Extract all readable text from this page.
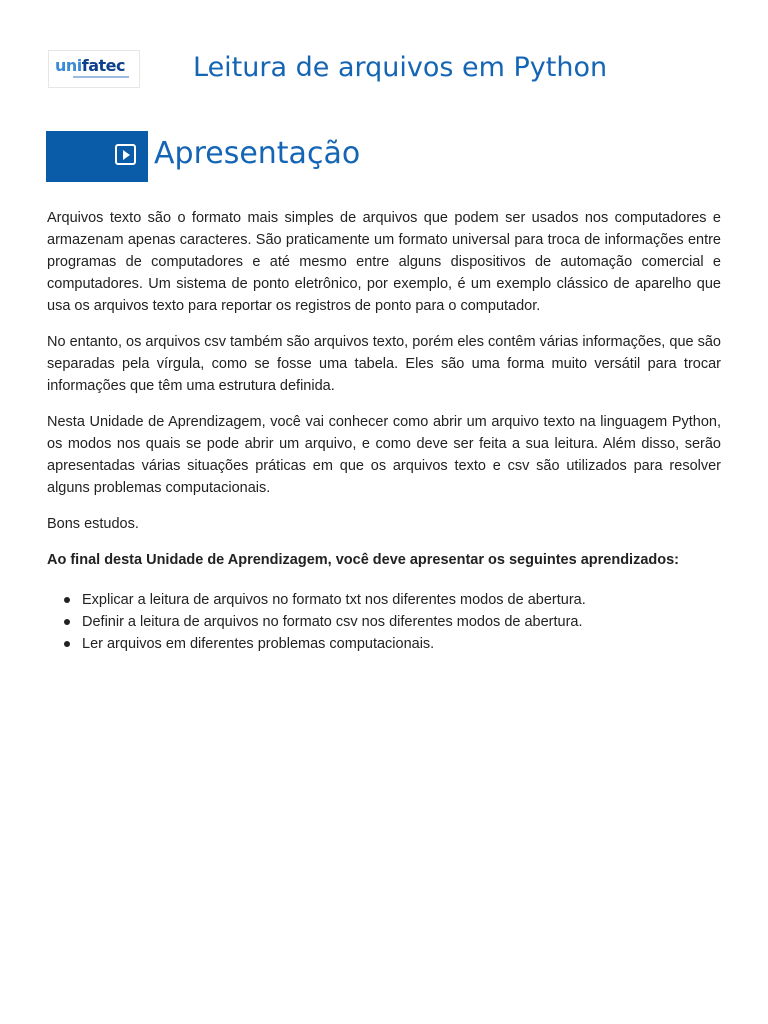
unifatec	Leitura de arquivos em Python
Apresentação

Arquivos texto são o formato mais simples de arquivos que podem ser usados nos computadores e armazenam apenas caracteres. São praticamente um formato universal para troca de informações entre programas de computadores e até mesmo entre alguns dispositivos de automação comercial e computadores. Um sistema de ponto eletrônico, por exemplo, é um exemplo clássico de aparelho que usa os arquivos texto para reportar os registros de ponto para o computador.

No entanto, os arquivos csv também são arquivos texto, porém eles contêm várias informações, que são separadas pela vírgula, como se fosse uma tabela. Eles são uma forma muito versátil para trocar informações que têm uma estrutura definida.

Nesta Unidade de Aprendizagem, você vai conhecer como abrir um arquivo texto na linguagem Python, os modos nos quais se pode abrir um arquivo, e como deve ser feita a sua leitura. Além disso, serão apresentadas várias situações práticas em que os arquivos texto e csv são utilizados para resolver alguns problemas computacionais.

Bons estudos.

Ao final desta Unidade de Aprendizagem, você deve apresentar os seguintes aprendizados:

Explicar a leitura de arquivos no formato txt nos diferentes modos de abertura.
Definir a leitura de arquivos no formato csv nos diferentes modos de abertura.
Ler arquivos em diferentes problemas computacionais.
